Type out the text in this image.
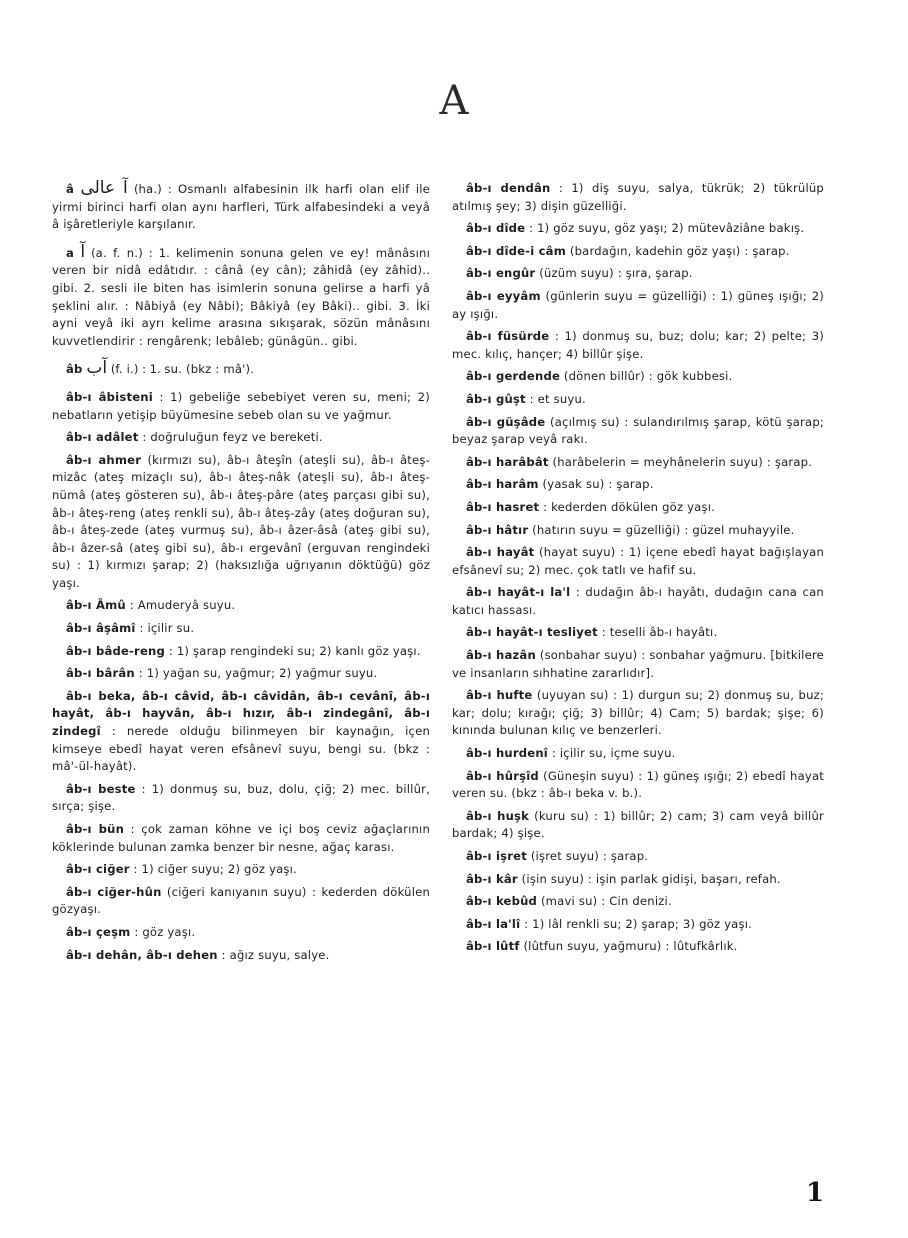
A

â آ عالی (ha.) : Osmanlı alfabesinin ilk harfi olan elif ile yirmi birinci harfi olan aynı harfleri, Türk alfabesindeki a veyâ â işâretleriyle karşılanır.

a آ (a. f. n.) : 1. kelimenin sonuna gelen ve ey! mânâsını veren bir nidâ edâtıdır. : cânâ (ey cân); zâhidâ (ey zâhid).. gibi. 2. sesli ile biten has isimlerin sonuna gelirse a harfi yâ şeklini alır. : Nâbiyâ (ey Nâbi); Bâkiyâ (ey Bâki).. gibi. 3. İki ayni veyâ iki ayrı kelime arasına sıkışarak, sözün mânâsını kuvvetlendirir : rengârenk; lebâleb; günâgün.. gibi.

âb آب (f. i.) : 1. su. (bkz : mâ').

âb-ı âbisteni : 1) gebeliğe sebebiyet veren su, meni; 2) nebatların yetişip büyümesine sebeb olan su ve yağmur.

âb-ı adâlet : doğruluğun feyz ve bereketi.

âb-ı ahmer (kırmızı su), âb-ı âteşîn (ateşli su), âb-ı âteş-mizâc (ateş mizaçlı su), âb-ı âteş-nâk (ateşli su), âb-ı âteş-nümâ (ateş gösteren su), âb-ı âteş-pâre (ateş parçası gibi su), âb-ı âteş-reng (ateş renkli su), âb-ı âteş-zây (ateş doğuran su), âb-ı âteş-zede (ateş vurmuş su), âb-ı âzer-âsâ (ateş gibi su), âb-ı âzer-sâ (ateş gibi su), âb-ı ergevânî (erguvan rengindeki su) : 1) kırmızı şarap; 2) (haksızlığa uğrıyanın döktüğü) göz yaşı.

âb-ı Âmû : Amuderyâ suyu.

âb-ı âşâmî : içilir su.

âb-ı bâde-reng : 1) şarap rengindeki su; 2) kanlı göz yaşı.

âb-ı bârân : 1) yağan su, yağmur; 2) yağmur suyu.

âb-ı beka, âb-ı câvid, âb-ı câvidân, âb-ı cevânî, âb-ı hayât, âb-ı hayvân, âb-ı hızır, âb-ı zindegânî, âb-ı zindegî : nerede olduğu bilinmeyen bir kaynağın, içen kimseye ebedî hayat veren efsânevî suyu, bengi su. (bkz : mâ'-ül-hayât).

âb-ı beste : 1) donmuş su, buz, dolu, çiğ; 2) mec. billûr, sırça; şişe.

âb-ı bün : çok zaman köhne ve içi boş ceviz ağaçlarının köklerinde bulunan zamka benzer bir nesne, ağaç karası.

âb-ı ciğer : 1) ciğer suyu; 2) göz yaşı.

âb-ı ciğer-hûn (ciğeri kanıyanın suyu) : kederden dökülen gözyaşı.

âb-ı çeşm : göz yaşı.

âb-ı dehân, âb-ı dehen : ağız suyu, salye.

âb-ı dendân : 1) diş suyu, salya, tükrük; 2) tükrülüp atılmış şey; 3) dişin güzelliği.

âb-ı dîde : 1) göz suyu, göz yaşı; 2) mütevâziâne bakış.

âb-ı dîde-i câm (bardağın, kadehin göz yaşı) : şarap.

âb-ı engûr (üzüm suyu) : şıra, şarap.

âb-ı eyyâm (günlerin suyu = güzelliği) : 1) güneş ışığı; 2) ay ışığı.

âb-ı füsürde : 1) donmuş su, buz; dolu; kar; 2) pelte; 3) mec. kılıç, hançer; 4) billûr şişe.

âb-ı gerdende (dönen billûr) : gök kubbesi.

âb-ı gûşt : et suyu.

âb-ı güşâde (açılmış su) : sulandırılmış şarap, kötü şarap; beyaz şarap veyâ rakı.

âb-ı harâbât (harâbelerin = meyhânelerin suyu) : şarap.

âb-ı harâm (yasak su) : şarap.

âb-ı hasret : kederden dökülen göz yaşı.

âb-ı hâtır (hatırın suyu = güzelliği) : güzel muhayyile.

âb-ı hayât (hayat suyu) : 1) içene ebedî hayat bağışlayan efsânevî su; 2) mec. çok tatlı ve hafif su.

âb-ı hayât-ı la'l : dudağın âb-ı hayâtı, dudağın cana can katıcı hassası.

âb-ı hayât-ı tesliyet : teselli âb-ı hayâtı.

âb-ı hazân (sonbahar suyu) : sonbahar yağmuru. [bitkilere ve insanların sıhhatine zararlıdır].

âb-ı hufte (uyuyan su) : 1) durgun su; 2) donmuş su, buz; kar; dolu; kırağı; çiğ; 3) billûr; 4) Cam; 5) bardak; şişe; 6) kınında bulunan kılıç ve benzerleri.

âb-ı hurdenî : içilir su, içme suyu.

âb-ı hûrşîd (Güneşin suyu) : 1) güneş ışığı; 2) ebedî hayat veren su. (bkz : âb-ı beka v. b.).

âb-ı huşk (kuru su) : 1) billûr; 2) cam; 3) cam veyâ billûr bardak; 4) şişe.

âb-ı işret (işret suyu) : şarap.

âb-ı kâr (işin suyu) : işin parlak gidişi, başarı, refah.

âb-ı kebûd (mavi su) : Cin denizi.

âb-ı la'lî : 1) lâl renkli su; 2) şarap; 3) göz yaşı.

âb-ı lûtf (lûtfun suyu, yağmuru) : lûtufkârlık.

1
